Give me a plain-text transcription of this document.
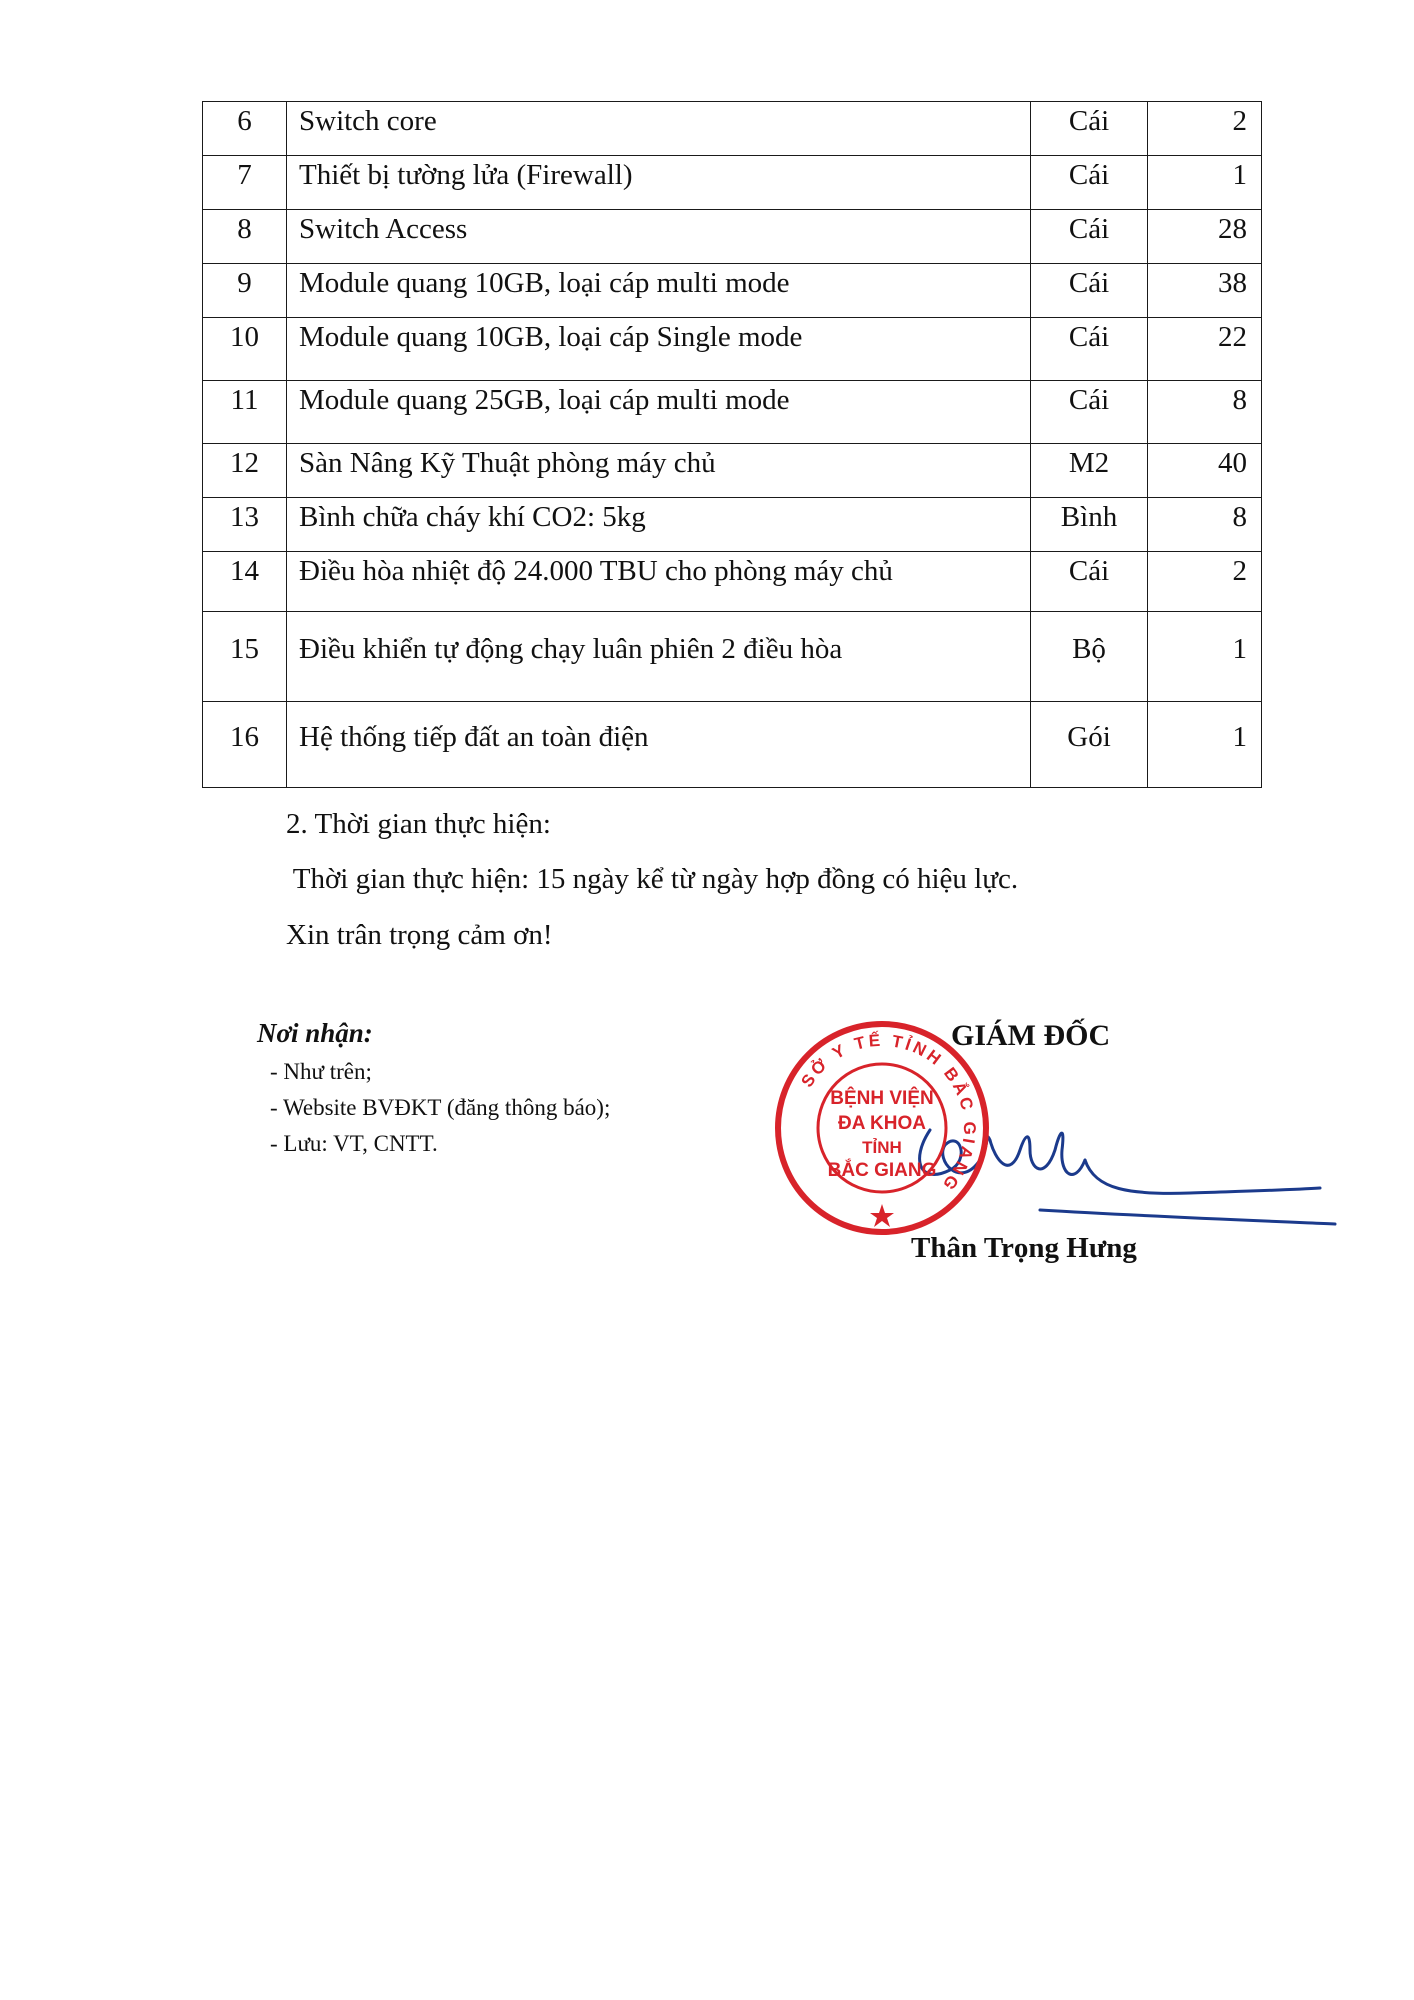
6	Switch core	Cái	2

7	Thiết bị tường lửa (Firewall)	Cái	1

8	Switch Access	Cái	28

9	Module quang 10GB, loại cáp multi mode	Cái	38

10	Module quang 10GB, loại cáp Single mode	Cái	22

11	Module quang 25GB, loại cáp multi mode	Cái	8

12	Sàn Nâng Kỹ Thuật phòng máy chủ	M2	40

13	Bình chữa cháy khí CO2: 5kg	Bình	8

14	Điều hòa nhiệt độ 24.000 TBU cho phòng máy chủ	Cái	2

15	Điều khiển tự động chạy luân phiên 2 điều hòa	Bộ	1

16	Hệ thống tiếp đất an toàn điện	Gói	1
2. Thời gian thực hiện:
Thời gian thực hiện: 15 ngày kể từ ngày hợp đồng có hiệu lực.
Xin trân trọng cảm ơn!
Nơi nhận:
- Như trên;
- Website BVĐKT (đăng thông báo);
- Lưu: VT, CNTT.
GIÁM ĐỐC
SỞ Y TẾ TỈNH BẮC GIANG
BỆNH VIỆN
ĐA KHOA
TỈNH
BẮC GIANG
Thân Trọng Hưng
